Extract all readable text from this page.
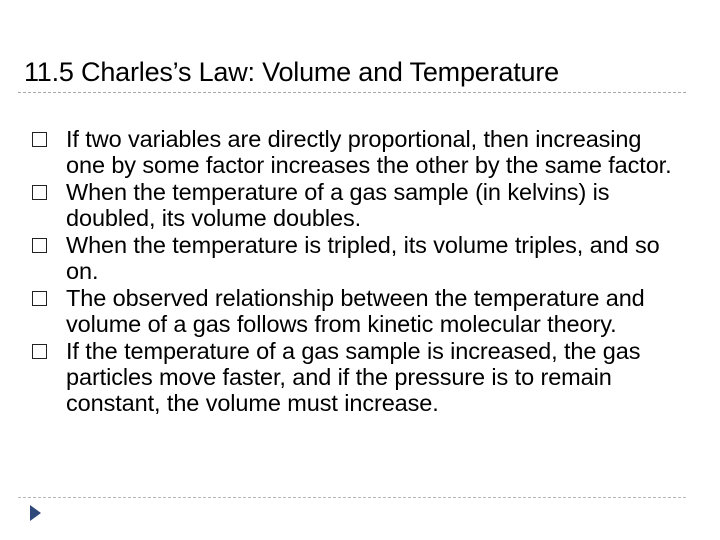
11.5 Charles’s Law: Volume and Temperature
If two variables are directly proportional, then increasing one by some factor increases the other by the same factor.
When the temperature of a gas sample (in kelvins) is doubled, its volume doubles.
When the temperature is tripled, its volume triples, and so on.
The observed relationship between the temperature and volume of a gas follows from kinetic molecular theory.
If the temperature of a gas sample is increased, the gas particles move faster, and if the pressure is to remain constant, the volume must increase.
